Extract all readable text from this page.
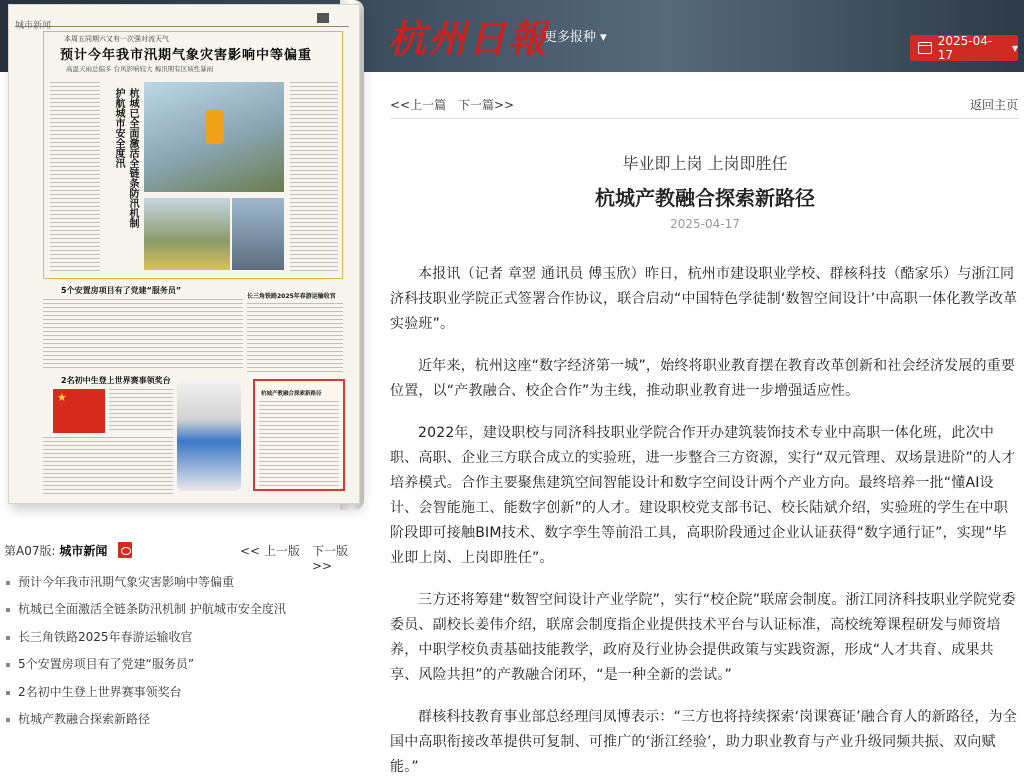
杭州日報
更多报种 ▾	2025-04-17	▾
城市新闻
本周五同期六又有一次强对流天气
预计今年我市汛期气象灾害影响中等偏重
高温天雨总偏多 台风影响较大 梅汛期有区域性暴雨
护航城市安全度汛 杭城已全面激活全链条防汛机制
5个安置房项目有了党建“服务员”
长三角铁路2025年春游运输收官
2名初中生登上世界赛事领奖台
★
杭城产教融合探索新路径
第A07版: 城市新闻	<< 上一版 下一版>>
预计今年我市汛期气象灾害影响中等偏重
杭城已全面激活全链条防汛机制 护航城市安全度汛
长三角铁路2025年春游运输收官
5个安置房项目有了党建“服务员”
2名初中生登上世界赛事领奖台
杭城产教融合探索新路径
<<上一篇 下一篇>>	返回主页
毕业即上岗 上岗即胜任
杭城产教融合探索新路径
2025-04-17

本报讯（记者 章翌 通讯员 傅玉欣）昨日，杭州市建设职业学校、群核科技（酷家乐）与浙江同济科技职业学院正式签署合作协议，联合启动“中国特色学徒制‘数智空间设计’中高职一体化教学改革实验班”。

近年来，杭州这座“数字经济第一城”，始终将职业教育摆在教育改革创新和社会经济发展的重要位置，以“产教融合、校企合作”为主线，推动职业教育进一步增强适应性。

2022年，建设职校与同济科技职业学院合作开办建筑装饰技术专业中高职一体化班，此次中职、高职、企业三方联合成立的实验班，进一步整合三方资源，实行“双元管理、双场景进阶”的人才培养模式。合作主要聚焦建筑空间智能设计和数字空间设计两个产业方向。最终培养一批“懂AI设计、会智能施工、能数字创新”的人才。建设职校党支部书记、校长陆斌介绍，实验班的学生在中职阶段即可接触BIM技术、数字孪生等前沿工具，高职阶段通过企业认证获得“数字通行证”，实现“毕业即上岗、上岗即胜任”。

三方还将筹建“数智空间设计产业学院”，实行“校企院”联席会制度。浙江同济科技职业学院党委委员、副校长姜伟介绍，联席会制度指企业提供技术平台与认证标准，高校统筹课程研发与师资培养，中职学校负责基础技能教学，政府及行业协会提供政策与实践资源，形成“人才共育、成果共享、风险共担”的产教融合闭环，“是一种全新的尝试。”

群核科技教育事业部总经理闫凤博表示：“三方也将持续探索‘岗课赛证’融合育人的新路径，为全国中高职衔接改革提供可复制、可推广的‘浙江经验’，助力职业教育与产业升级同频共振、双向赋能。”
